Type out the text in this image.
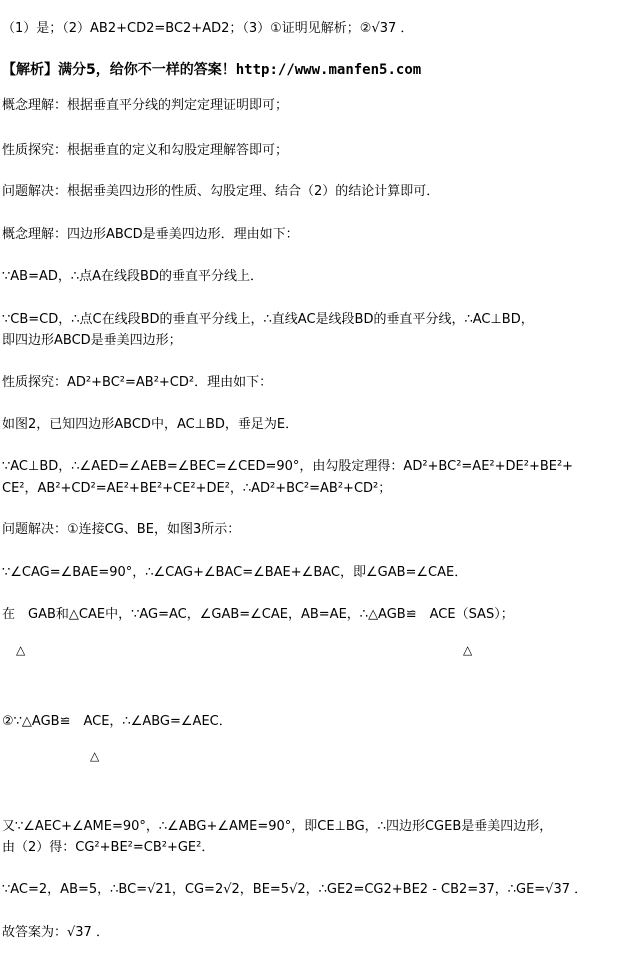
（1）是；（2）AB2+CD2=BC2+AD2；（3）①证明见解析；②√37 ．
【解析】满分5，给你不一样的答案！http://www.manfen5.com
概念理解：根据垂直平分线的判定定理证明即可；
性质探究：根据垂直的定义和勾股定理解答即可；
问题解决：根据垂美四边形的性质、勾股定理、结合（2）的结论计算即可．
概念理解：四边形ABCD是垂美四边形．理由如下：
∵AB=AD，∴点A在线段BD的垂直平分线上．
∵CB=CD，∴点C在线段BD的垂直平分线上，∴直线AC是线段BD的垂直平分线，∴AC⊥BD，
即四边形ABCD是垂美四边形；
性质探究：AD²+BC²=AB²+CD²．理由如下：
如图2，已知四边形ABCD中，AC⊥BD，垂足为E．
∵AC⊥BD，∴∠AED=∠AEB=∠BEC=∠CED=90°，由勾股定理得：AD²+BC²=AE²+DE²+BE²+
CE²，AB²+CD²=AE²+BE²+CE²+DE²，∴AD²+BC²=AB²+CD²；
问题解决：①连接CG、BE，如图3所示：
∵∠CAG=∠BAE=90°，∴∠CAG+∠BAC=∠BAE+∠BAC，即∠GAB=∠CAE．
在　GAB和△CAE中，∵AG=AC，∠GAB=∠CAE，AB=AE，∴△AGB≌　ACE（SAS）；
△	△
②∵△AGB≌　ACE，∴∠ABG=∠AEC．
△
又∵∠AEC+∠AME=90°，∴∠ABG+∠AME=90°，即CE⊥BG，∴四边形CGEB是垂美四边形，
由（2）得：CG²+BE²=CB²+GE²．
∵AC=2，AB=5，∴BC=√21，CG=2√2，BE=5√2，∴GE2=CG2+BE2 - CB2=37，∴GE=√37 ．
故答案为：√37 ．
